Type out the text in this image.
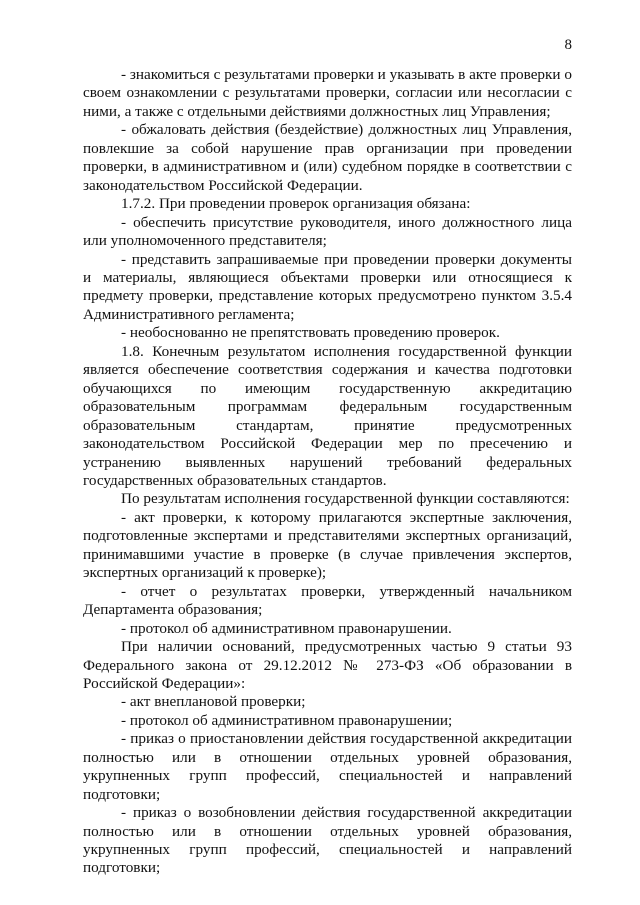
8

- знакомиться с результатами проверки и указывать в акте проверки о своем ознакомлении с результатами проверки, согласии или несогласии с ними, а также с отдельными действиями должностных лиц Управления;

- обжаловать действия (бездействие) должностных лиц Управления, повлекшие за собой нарушение прав организации при проведении проверки, в административном и (или) судебном порядке в соответствии с законодательством Российской Федерации.

1.7.2. При проведении проверок организация обязана:

- обеспечить присутствие руководителя, иного должностного лица или уполномоченного представителя;

- представить запрашиваемые при проведении проверки документы и материалы, являющиеся объектами проверки или относящиеся к предмету проверки, представление которых предусмотрено пунктом 3.5.4 Административного регламента;

- необоснованно не препятствовать проведению проверок.

1.8. Конечным результатом исполнения государственной функции является обеспечение соответствия содержания и качества подготовки обучающихся по имеющим государственную аккредитацию образовательным программам федеральным государственным образовательным стандартам, принятие предусмотренных законодательством Российской Федерации мер по пресечению и устранению выявленных нарушений требований федеральных государственных образовательных стандартов.

По результатам исполнения государственной функции составляются:

- акт проверки, к которому прилагаются экспертные заключения, подготовленные экспертами и представителями экспертных организаций, принимавшими участие в проверке (в случае привлечения экспертов, экспертных организаций к проверке);

- отчет о результатах проверки, утвержденный начальником Департамента образования;

- протокол об административном правонарушении.

При наличии оснований, предусмотренных частью 9 статьи 93 Федерального закона от 29.12.2012 № 273-ФЗ «Об образовании в Российской Федерации»:

- акт внеплановой проверки;

- протокол об административном правонарушении;

- приказ о приостановлении действия государственной аккредитации полностью или в отношении отдельных уровней образования, укрупненных групп профессий, специальностей и направлений подготовки;

- приказ о возобновлении действия государственной аккредитации полностью или в отношении отдельных уровней образования, укрупненных групп профессий, специальностей и направлений подготовки;
